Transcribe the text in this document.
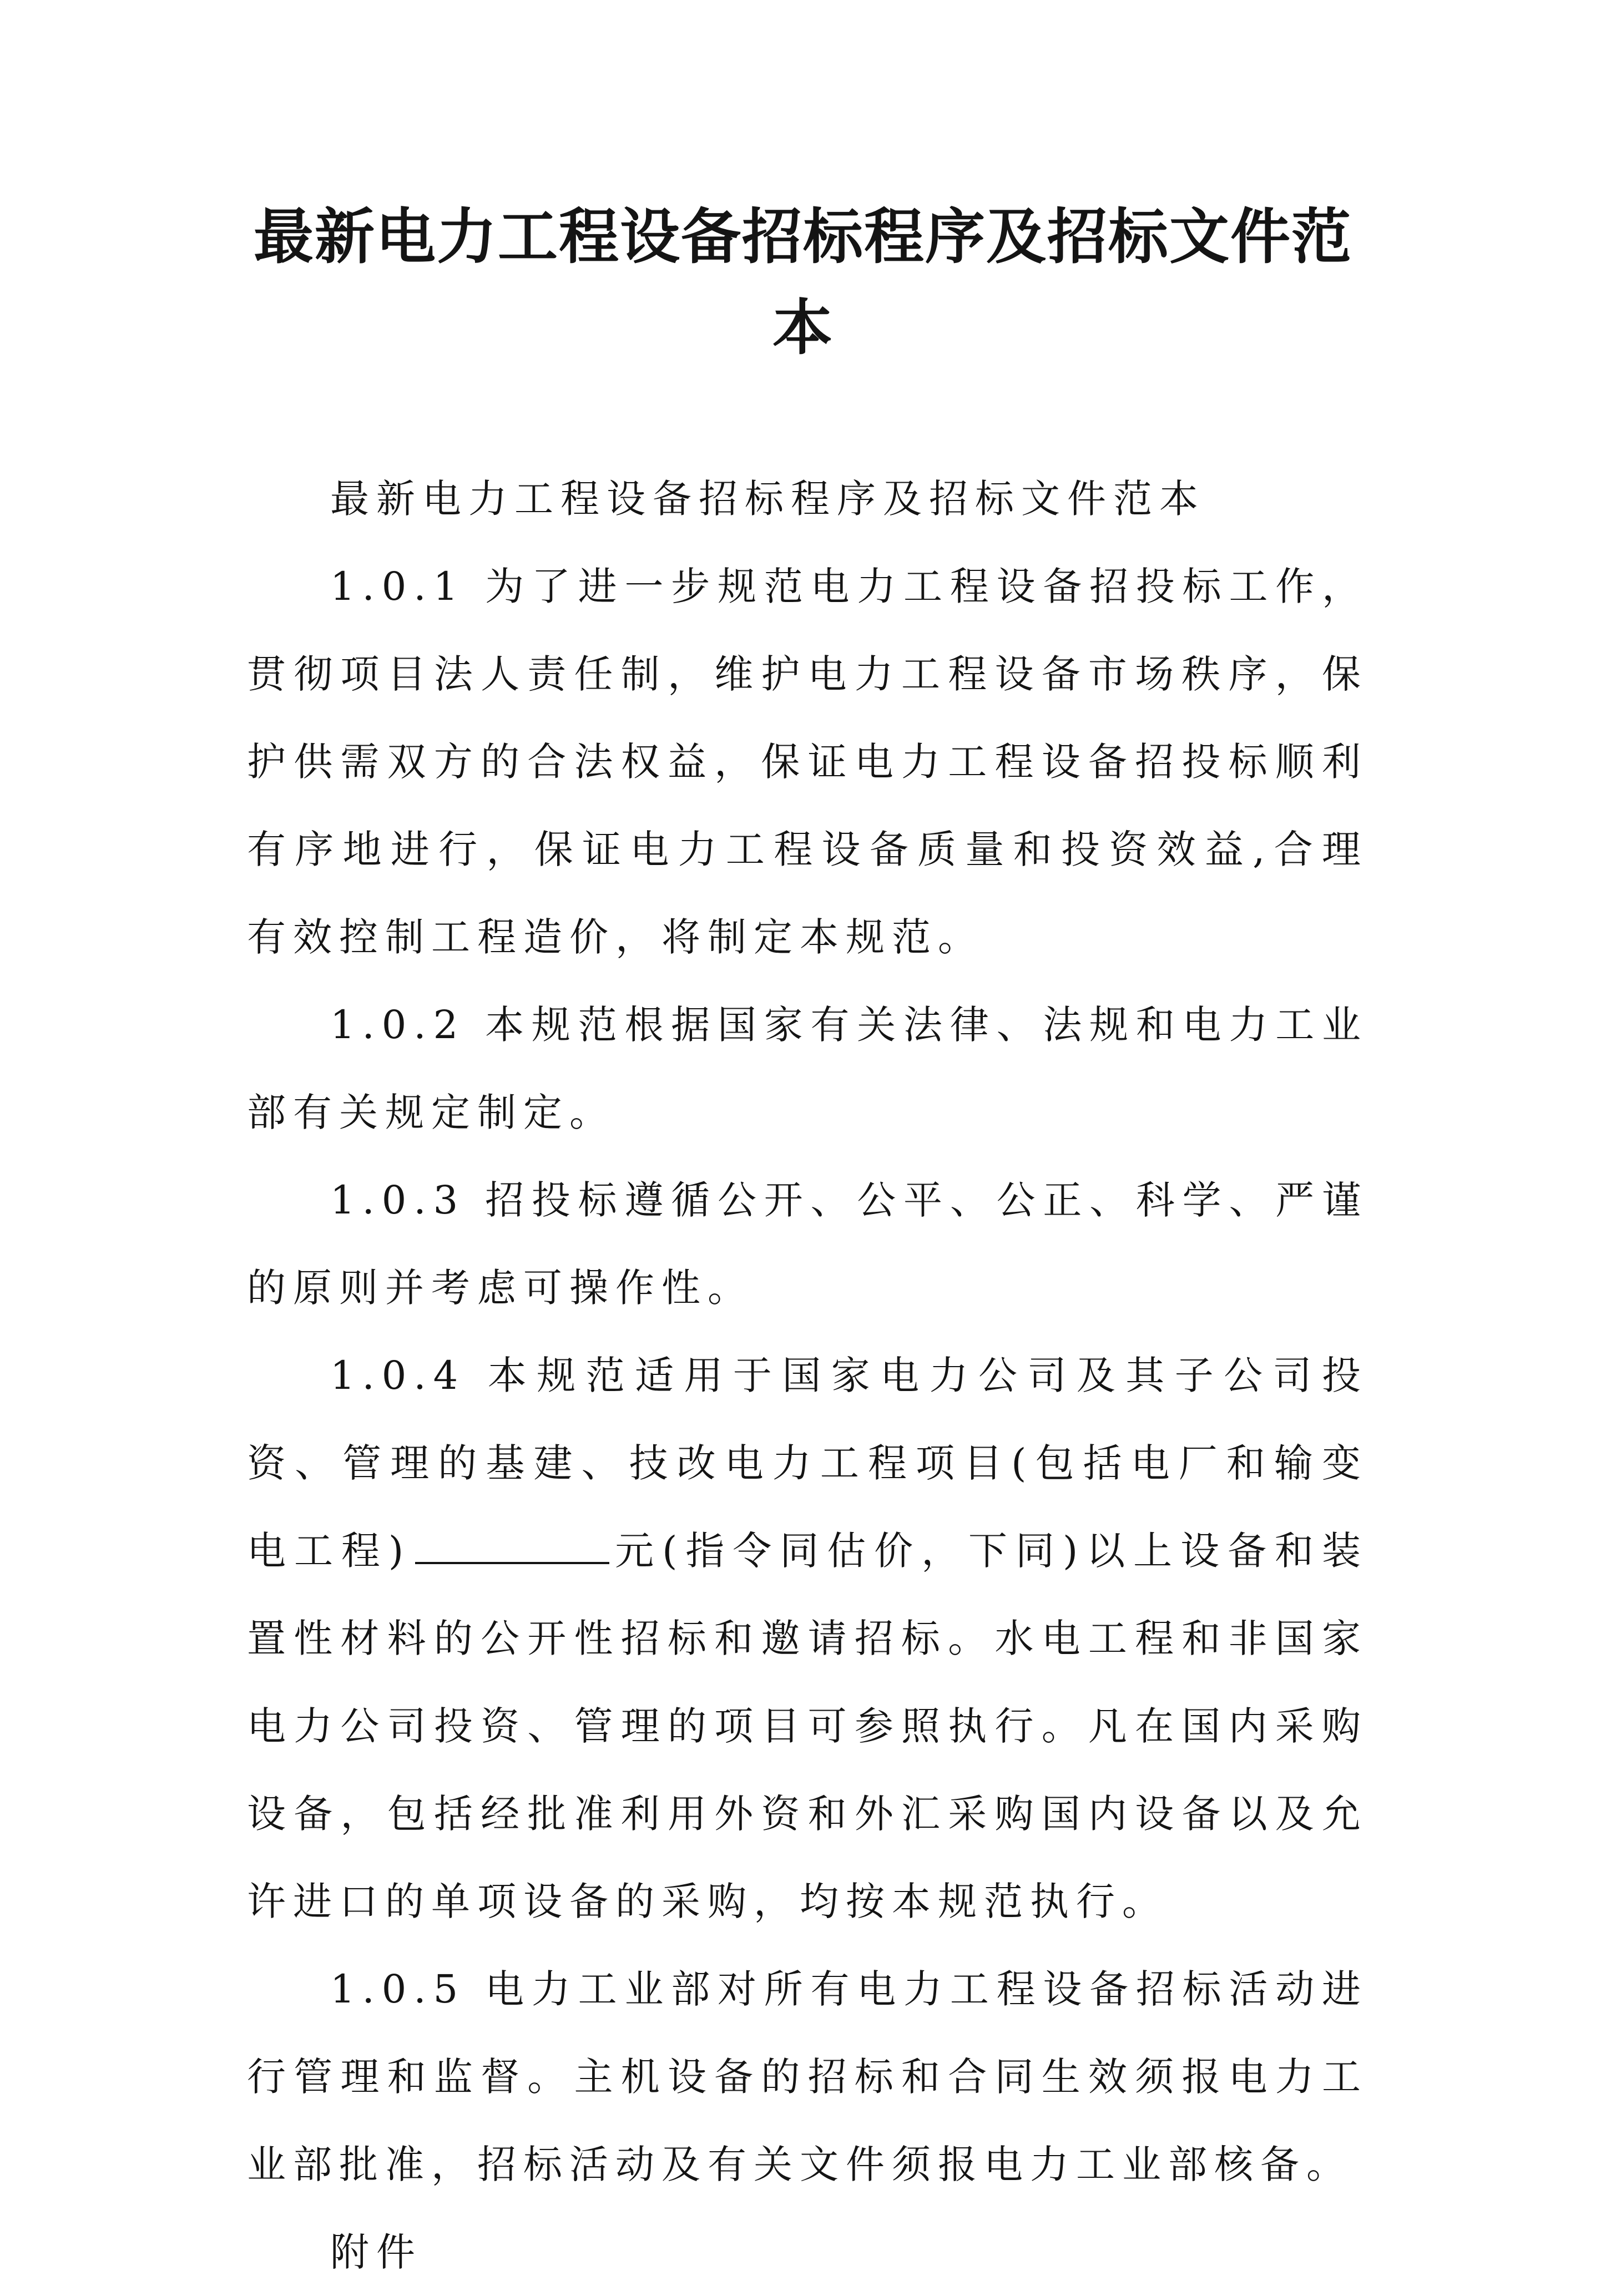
最新电力工程设备招标程序及招标文件范
本

最新电力工程设备招标程序及招标文件范本

1.0.1 为了进一步规范电力工程设备招投标工作，贯彻项目法人责任制，维护电力工程设备市场秩序，保护供需双方的合法权益，保证电力工程设备招投标顺利有序地进行，保证电力工程设备质量和投资效益,合理有效控制工程造价，将制定本规范。

1.0.2 本规范根据国家有关法律、法规和电力工业部有关规定制定。

1.0.3 招投标遵循公开、公平、公正、科学、严谨的原则并考虑可操作性。

1.0.4 本规范适用于国家电力公司及其子公司投资、管理的基建、技改电力工程项目(包括电厂和输变电工程)	元(指令同估价，下同)以上设备和装置性材料的公开性招标和邀请招标。水电工程和非国家电力公司投资、管理的项目可参照执行。凡在国内采购设备，包括经批准利用外资和外汇采购国内设备以及允许进口的单项设备的采购，均按本规范执行。

1.0.5 电力工业部对所有电力工程设备招标活动进行管理和监督。主机设备的招标和合同生效须报电力工业部批准，招标活动及有关文件须报电力工业部核备。

附件
